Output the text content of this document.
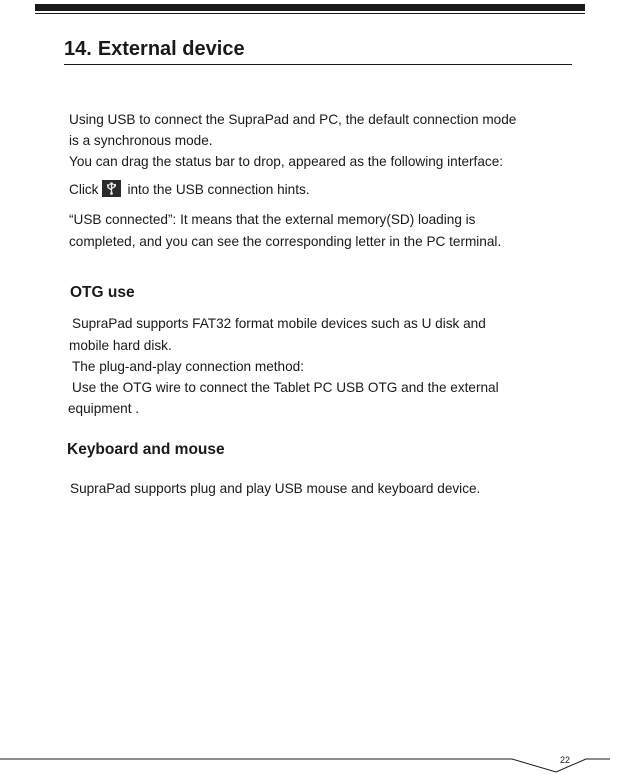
14. External device

Using USB to connect the SupraPad and PC, the default connection mode

is a synchronous mode.

You can drag the status bar to drop, appeared as the following interface:

Click into the USB connection hints.

“USB connected”: It means that the external memory(SD) loading is

completed, and you can see the corresponding letter in the PC terminal.

OTG use

SupraPad supports FAT32 format mobile devices such as U disk and

mobile hard disk.

The plug-and-play connection method:

Use the OTG wire to connect the Tablet PC USB OTG and the external

equipment .

Keyboard and mouse

SupraPad supports plug and play USB mouse and keyboard device.

22
